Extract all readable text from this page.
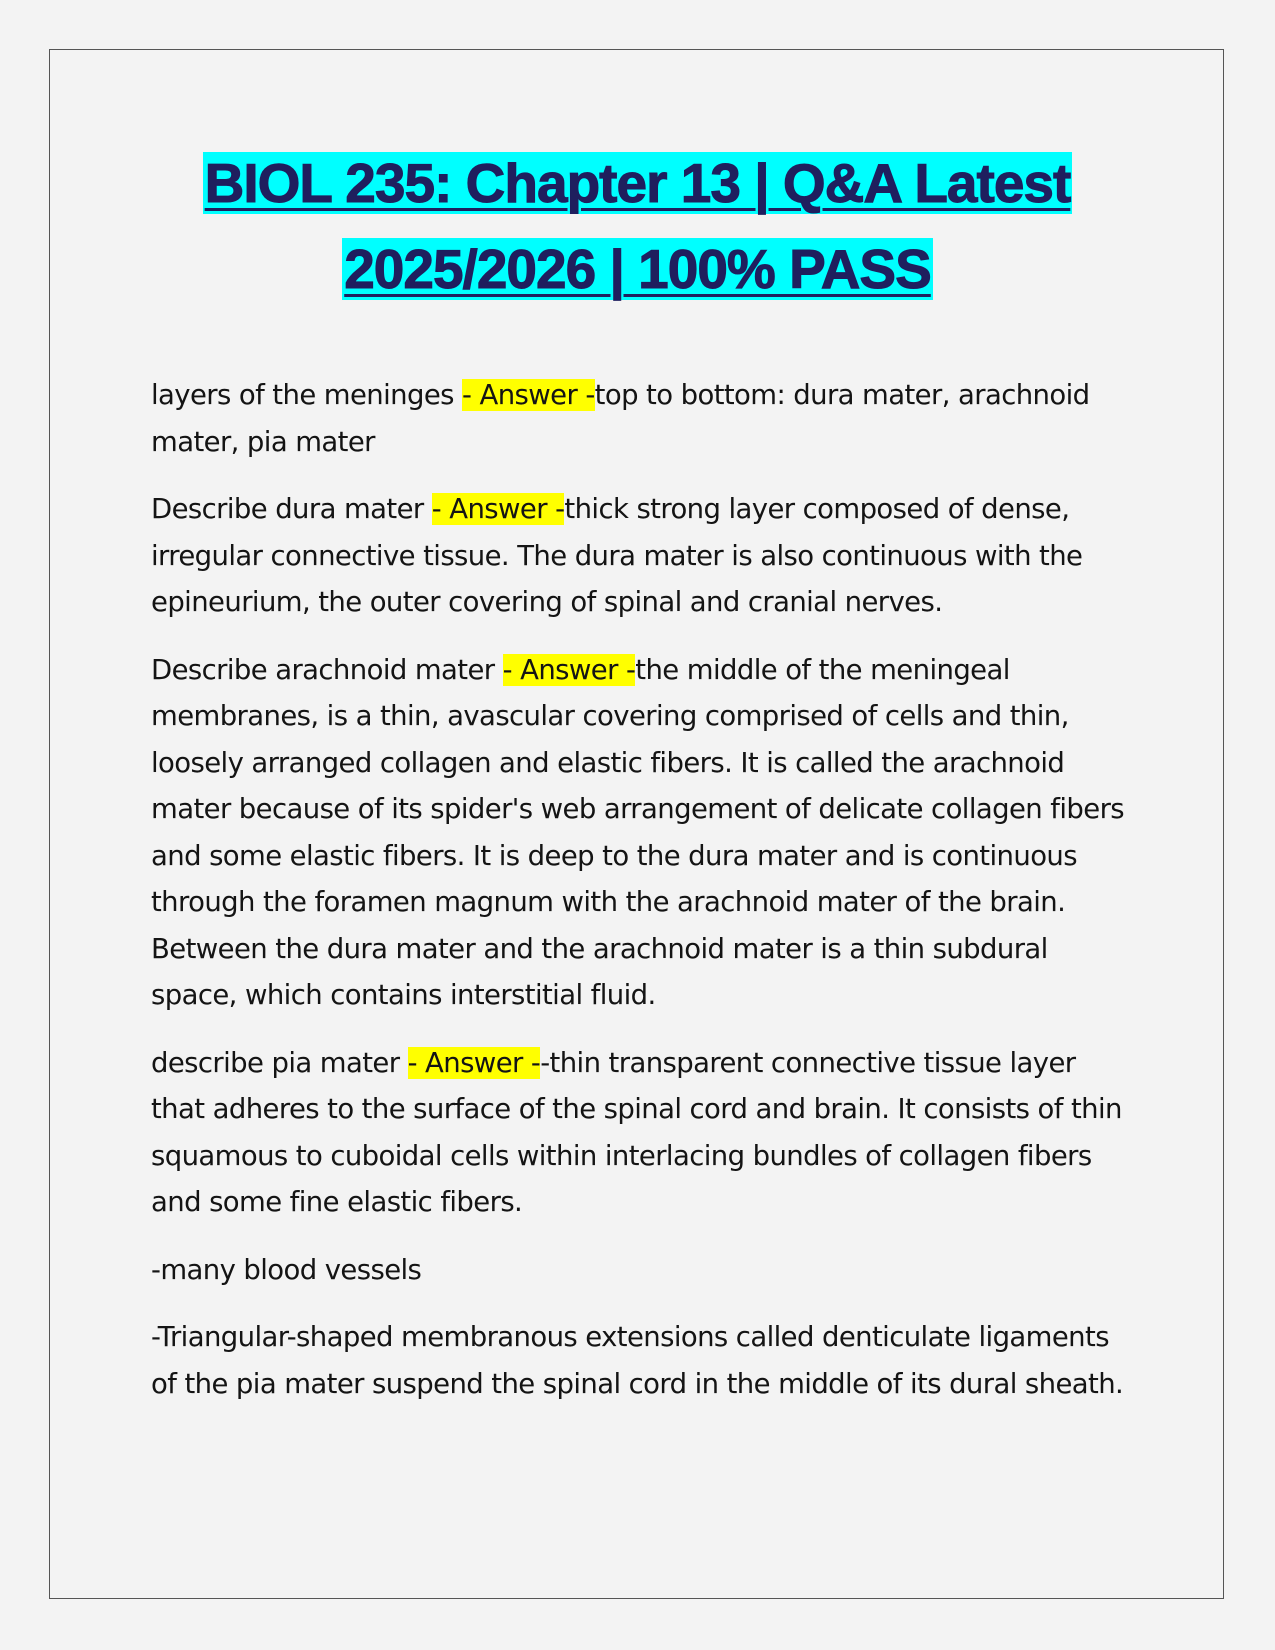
BIOL 235: Chapter 13 | Q&A Latest
2025/2026 | 100% PASS

layers of the meninges - Answer -top to bottom: dura mater, arachnoid mater, pia mater

Describe dura mater - Answer -thick strong layer composed of dense, irregular connective tissue. The dura mater is also continuous with the epineurium, the outer covering of spinal and cranial nerves.

Describe arachnoid mater - Answer -the middle of the meningeal membranes, is a thin, avascular covering comprised of cells and thin, loosely arranged collagen and elastic fibers. It is called the arachnoid mater because of its spider's web arrangement of delicate collagen fibers and some elastic fibers. It is deep to the dura mater and is continuous through the foramen magnum with the arachnoid mater of the brain. Between the dura mater and the arachnoid mater is a thin subdural space, which contains interstitial fluid.

describe pia mater - Answer --thin transparent connective tissue layer that adheres to the surface of the spinal cord and brain. It consists of thin squamous to cuboidal cells within interlacing bundles of collagen fibers and some fine elastic fibers.

-many blood vessels

-Triangular-shaped membranous extensions called denticulate ligaments of the pia mater suspend the spinal cord in the middle of its dural sheath.
